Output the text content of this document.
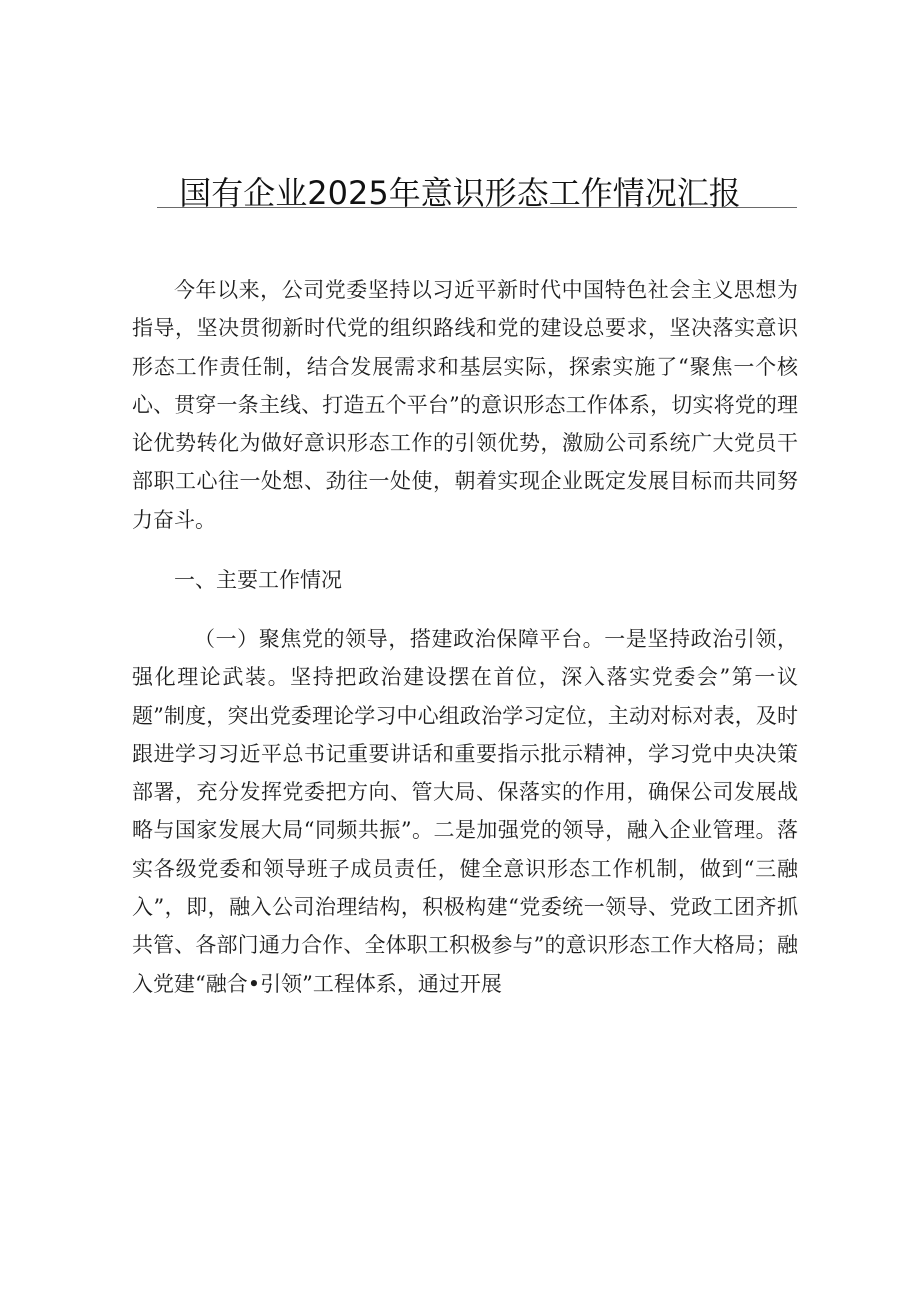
国有企业2025年意识形态工作情况汇报

今年以来，公司党委坚持以习近平新时代中国特色社会主义思想为指导，坚决贯彻新时代党的组织路线和党的建设总要求，坚决落实意识形态工作责任制，结合发展需求和基层实际，探索实施了“聚焦一个核心、贯穿一条主线、打造五个平台”的意识形态工作体系，切实将党的理论优势转化为做好意识形态工作的引领优势，激励公司系统广大党员干部职工心往一处想、劲往一处使，朝着实现企业既定发展目标而共同努力奋斗。

一、主要工作情况

（一）聚焦党的领导，搭建政治保障平台。一是坚持政治引领，强化理论武装。坚持把政治建设摆在首位，深入落实党委会”第一议题”制度，突出党委理论学习中心组政治学习定位，主动对标对表，及时跟进学习习近平总书记重要讲话和重要指示批示精神，学习党中央决策部署，充分发挥党委把方向、管大局、保落实的作用，确保公司发展战略与国家发展大局“同频共振”。二是加强党的领导，融入企业管理。落实各级党委和领导班子成员责任，健全意识形态工作机制，做到“三融入”，即，融入公司治理结构，积极构建“党委统一领导、党政工团齐抓共管、各部门通力合作、全体职工积极参与”的意识形态工作大格局；融入党建“融合•引领”工程体系，通过开展
